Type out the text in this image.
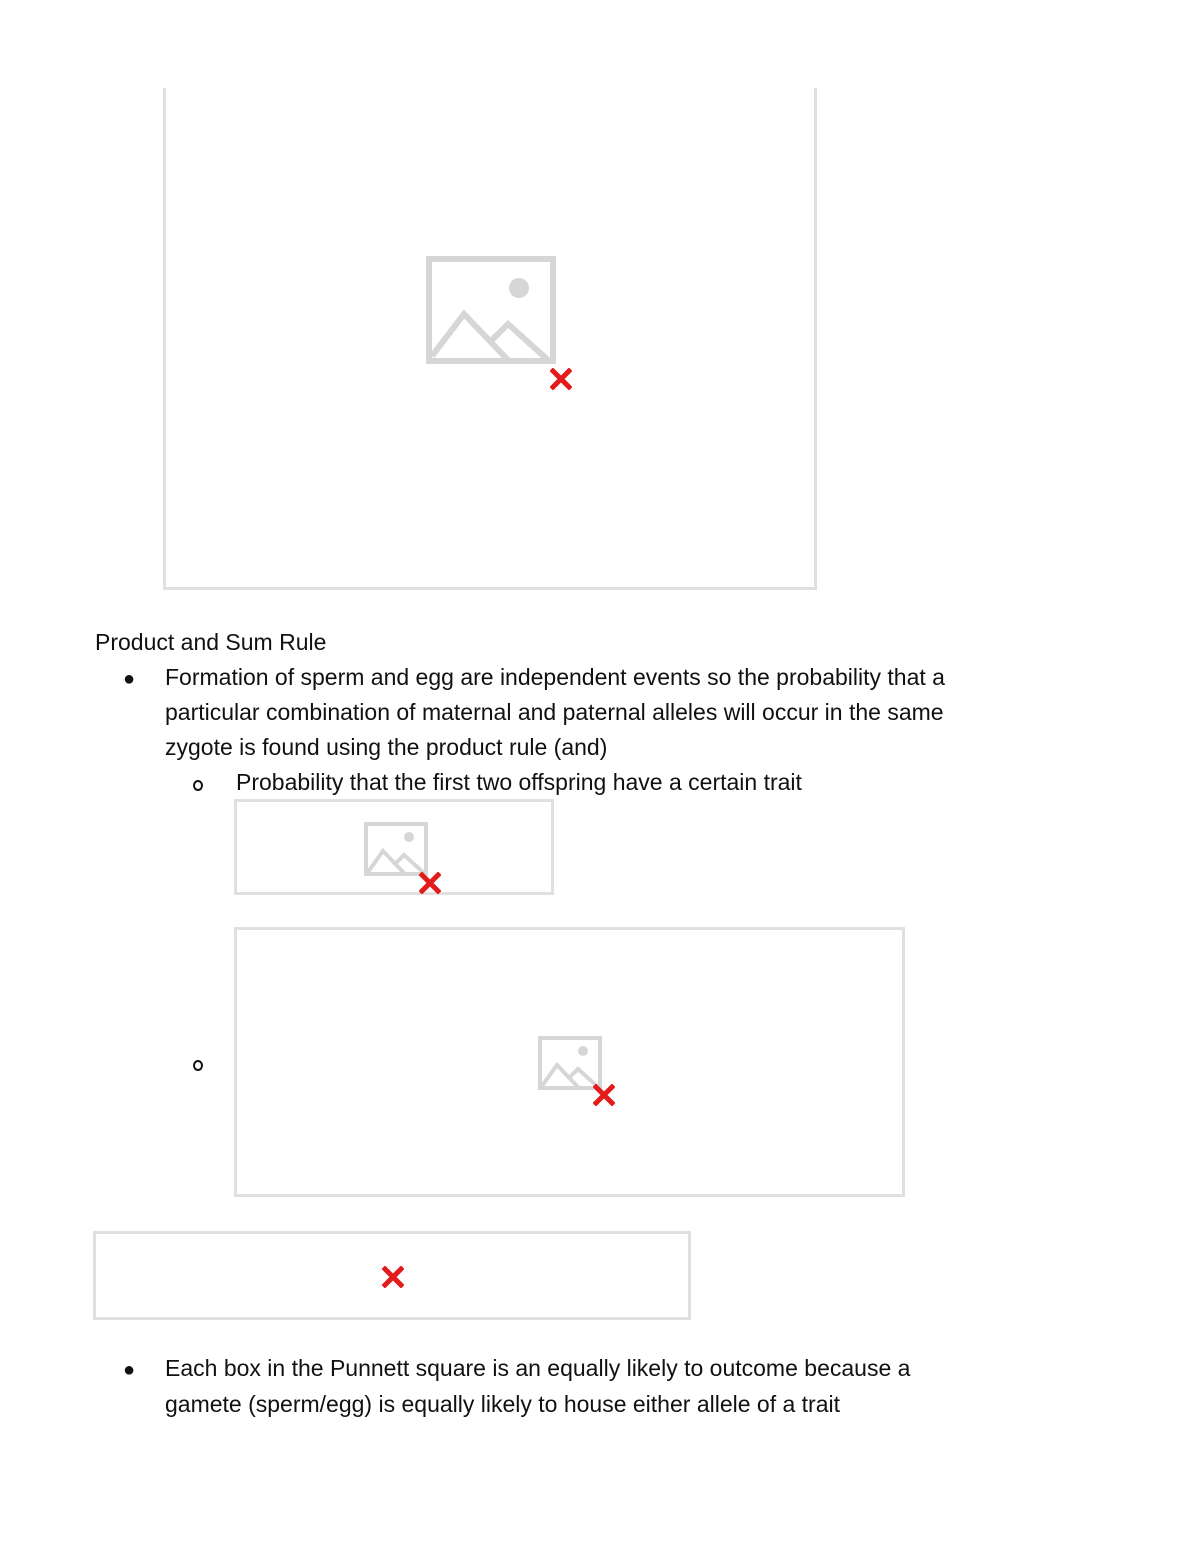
Product and Sum Rule
● Formation of sperm and egg are independent events so the probability that a
particular combination of maternal and paternal alleles will occur in the same
zygote is found using the product rule (and)
Probability that the first two offspring have a certain trait
● Each box in the Punnett square is an equally likely to outcome because a
gamete (sperm/egg) is equally likely to house either allele of a trait
